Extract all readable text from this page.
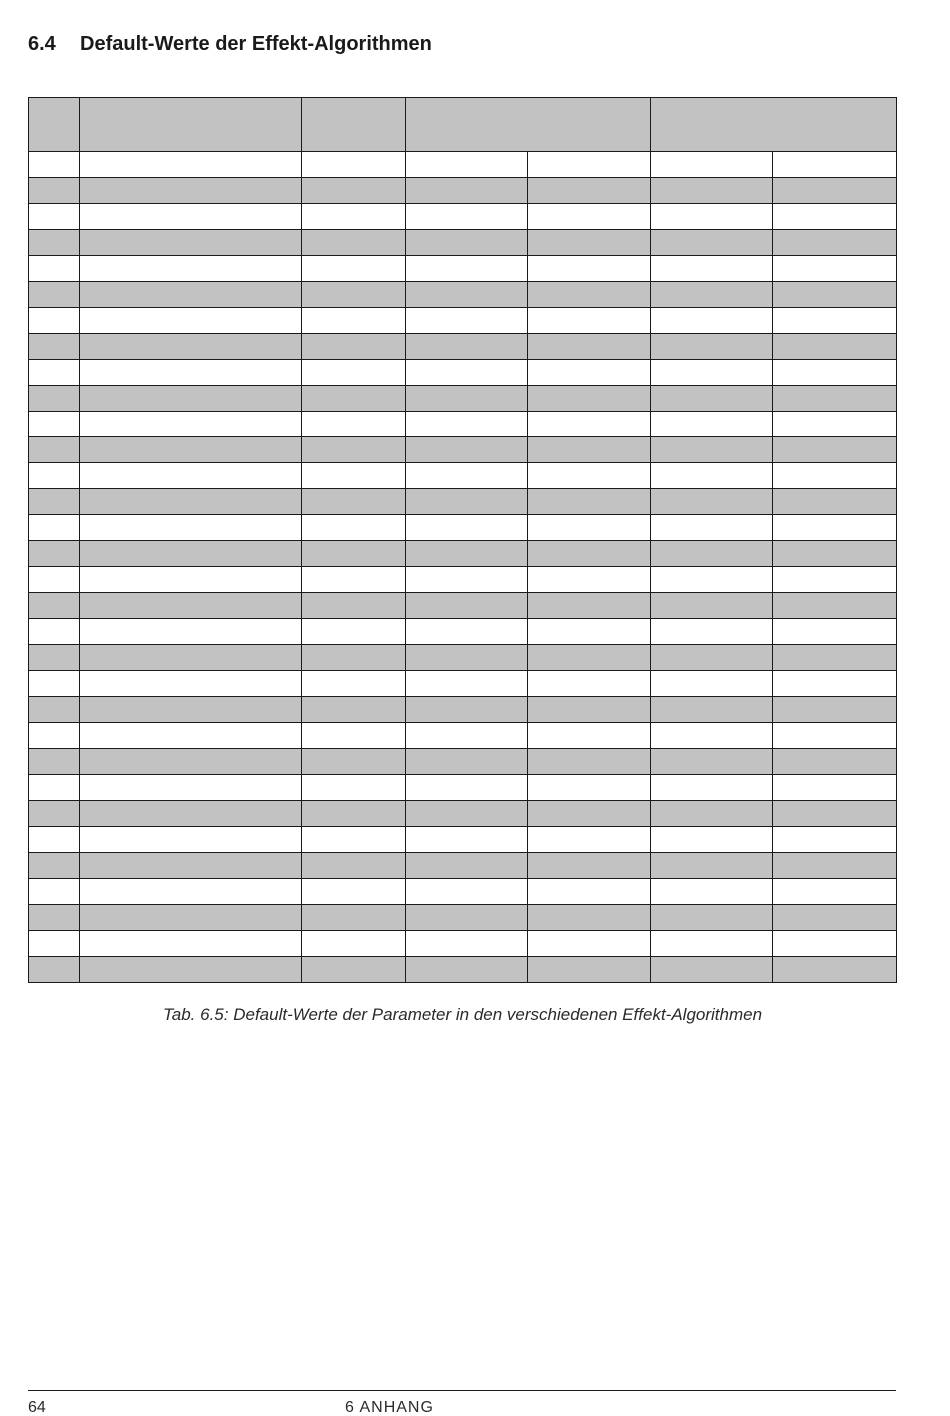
6.4 Default-Werte der Effekt-Algorithmen

Tab. 6.5: Default-Werte der Parameter in den verschiedenen Effekt-Algorithmen
64	6 ANHANG
